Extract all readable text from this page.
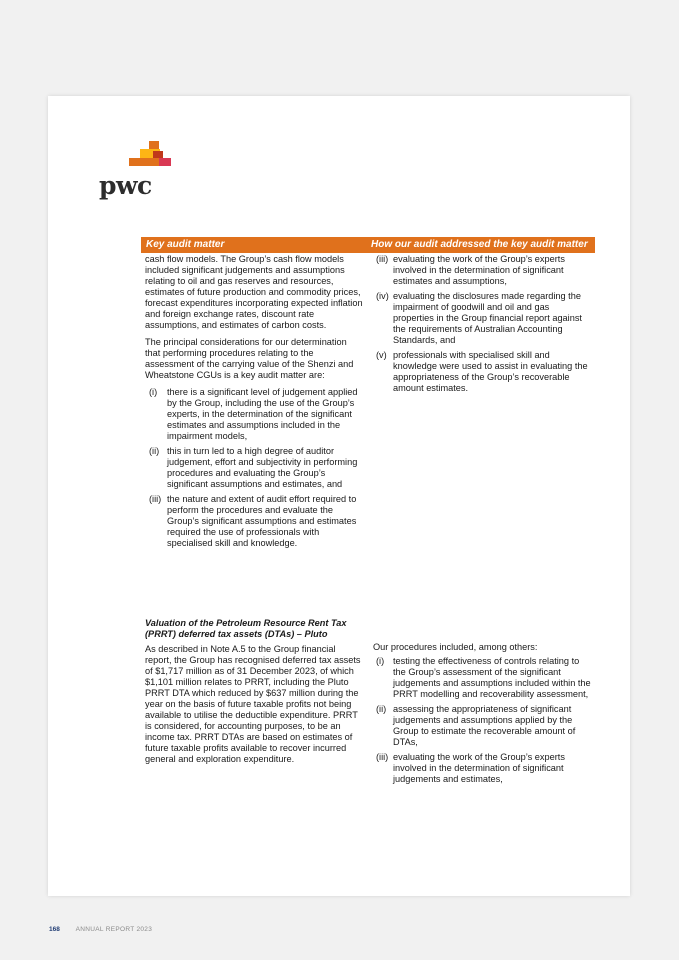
pwc
Key audit matter	How our audit addressed the key audit matter

cash flow models. The Group’s cash flow models included significant judgements and assumptions relating to oil and gas reserves and resources, estimates of future production and commodity prices, forecast expenditures incorporating expected inflation and foreign exchange rates, discount rate assumptions, and estimates of carbon costs.

The principal considerations for our determination that performing procedures relating to the assessment of the carrying value of the Shenzi and Wheatstone CGUs is a key audit matter are:

(i) there is a significant level of judgement applied by the Group, including the use of the Group’s experts, in the determination of the significant estimates and assumptions included in the impairment models,
(ii) this in turn led to a high degree of auditor judgement, effort and subjectivity in performing procedures and evaluating the Group’s significant assumptions and estimates, and
(iii) the nature and extent of audit effort required to perform the procedures and evaluate the Group’s significant assumptions and estimates required the use of professionals with specialised skill and knowledge.
(iii) evaluating the work of the Group’s experts involved in the determination of significant estimates and assumptions,
(iv) evaluating the disclosures made regarding the impairment of goodwill and oil and gas properties in the Group financial report against the requirements of Australian Accounting Standards, and
(v) professionals with specialised skill and knowledge were used to assist in evaluating the appropriateness of the Group’s recoverable amount estimates.
Valuation of the Petroleum Resource Rent Tax (PRRT) deferred tax assets (DTAs) – Pluto

As described in Note A.5 to the Group financial report, the Group has recognised deferred tax assets of $1,717 million as of 31 December 2023, of which $1,101 million relates to PRRT, including the Pluto PRRT DTA which reduced by $637 million during the year on the basis of future taxable profits not being available to utilise the deductible expenditure. PRRT is considered, for accounting purposes, to be an income tax. PRRT DTAs are based on estimates of future taxable profits available to recover incurred general and exploration expenditure.

Our procedures included, among others:

(i) testing the effectiveness of controls relating to the Group’s assessment of the significant judgements and assumptions included within the PRRT modelling and recoverability assessment,
(ii) assessing the appropriateness of significant judgements and assumptions applied by the Group to estimate the recoverable amount of DTAs,
(iii) evaluating the work of the Group’s experts involved in the determination of significant judgements and estimates,
168 ANNUAL REPORT 2023
